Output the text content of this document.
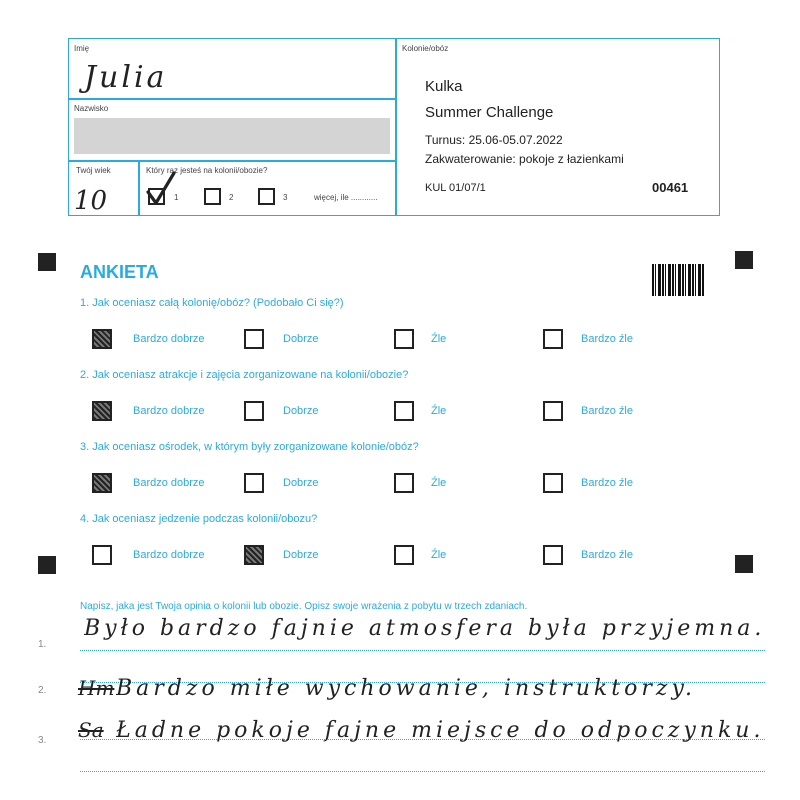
Imię
Julia
Nazwisko
Twój wiek
10
Który raz jesteś na kolonii/obozie?
1	2	3	więcej, ile ............
Kolonie/obóz
Kulka
Summer Challenge
Turnus: 25.06-05.07.2022
Zakwaterowanie: pokoje z łazienkami
KUL 01/07/1	00461
ANKIETA
1. Jak oceniasz całą kolonię/obóz? (Podobało Ci się?)
Bardzo dobrze	Dobrze	Źle	Bardzo źle
2. Jak oceniasz atrakcje i zajęcia zorganizowane na kolonii/obozie?
Bardzo dobrze	Dobrze	Źle	Bardzo źle
3. Jak oceniasz ośrodek, w którym były zorganizowane kolonie/obóz?
Bardzo dobrze	Dobrze	Źle	Bardzo źle
4. Jak oceniasz jedzenie podczas kolonii/obozu?
Bardzo dobrze	Dobrze	Źle	Bardzo źle
Napisz, jaka jest Twoja opinia o kolonii lub obozie. Opisz swoje wrażenia z pobytu w trzech zdaniach.
1.
Było bardzo fajnie atmosfera była przyjemna.
2. Hm Bardzo miłe wychowanie, instruktorzy.
3. Sa Ładne pokoje fajne miejsce do odpoczynku.
